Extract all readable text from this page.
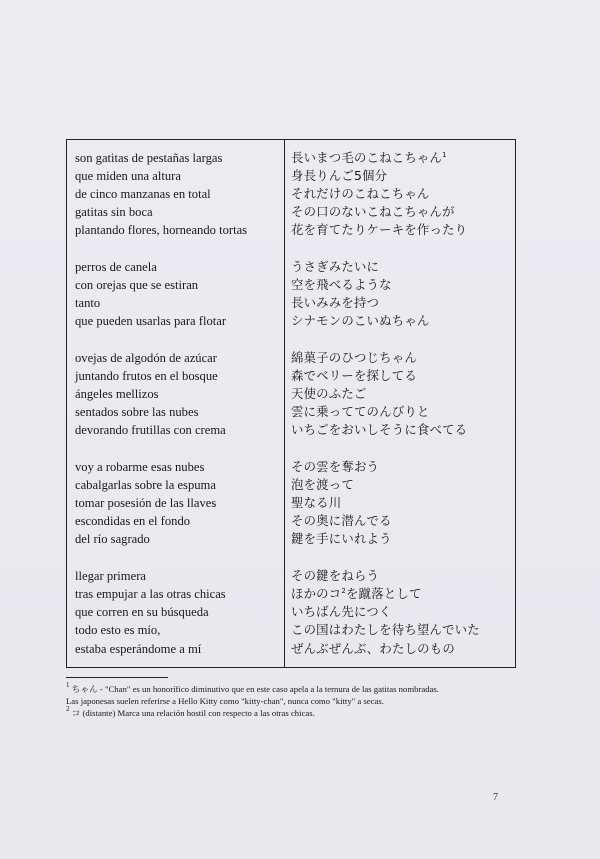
son gatitas de pestañas largas
que miden una altura
de cinco manzanas en total
gatitas sin boca
plantando flores, horneando tortas
perros de canela
con orejas que se estiran
tanto
que pueden usarlas para flotar
ovejas de algodón de azúcar
juntando frutos en el bosque
ángeles mellizos
sentados sobre las nubes
devorando frutillas con crema
voy a robarme esas nubes
cabalgarlas sobre la espuma
tomar posesión de las llaves
escondidas en el fondo
del río sagrado
llegar primera
tras empujar a las otras chicas
que corren en su búsqueda
todo esto es mío,
estaba esperándome a mí
長いまつ毛のこねこちゃん$^1$
身長りんご5個分
それだけのこねこちゃん
その口のないこねこちゃんが
花を育てたりケーキを作ったり
うさぎみたいに
空を飛べるような
長いみみを持つ
シナモンのこいぬちゃん
綿菓子のひつじちゃん
森でベリーを探してる
天使のふたご
雲に乗っててのんびりと
いちごをおいしそうに食べてる
その雲を奪おう
泡を渡って
聖なる川
その奥に潜んでる
鍵を手にいれよう
その鍵をねらう
ほかのコ$^2$を蹴落として
いちばん先につく
この国はわたしを待ち望んでいた
ぜんぶぜんぶ、わたしのもの
$^1$ ちゃん - "Chan" es un honorífico diminutivo que en este caso apela a la ternura de las gatitas nombradas.
Las japonesas suelen referirse a Hello Kitty como "kitty-chan", nunca como "kitty" a secas.
$^2$ コ (distante) Marca una relación hostil con respecto a las otras chicas.
7
